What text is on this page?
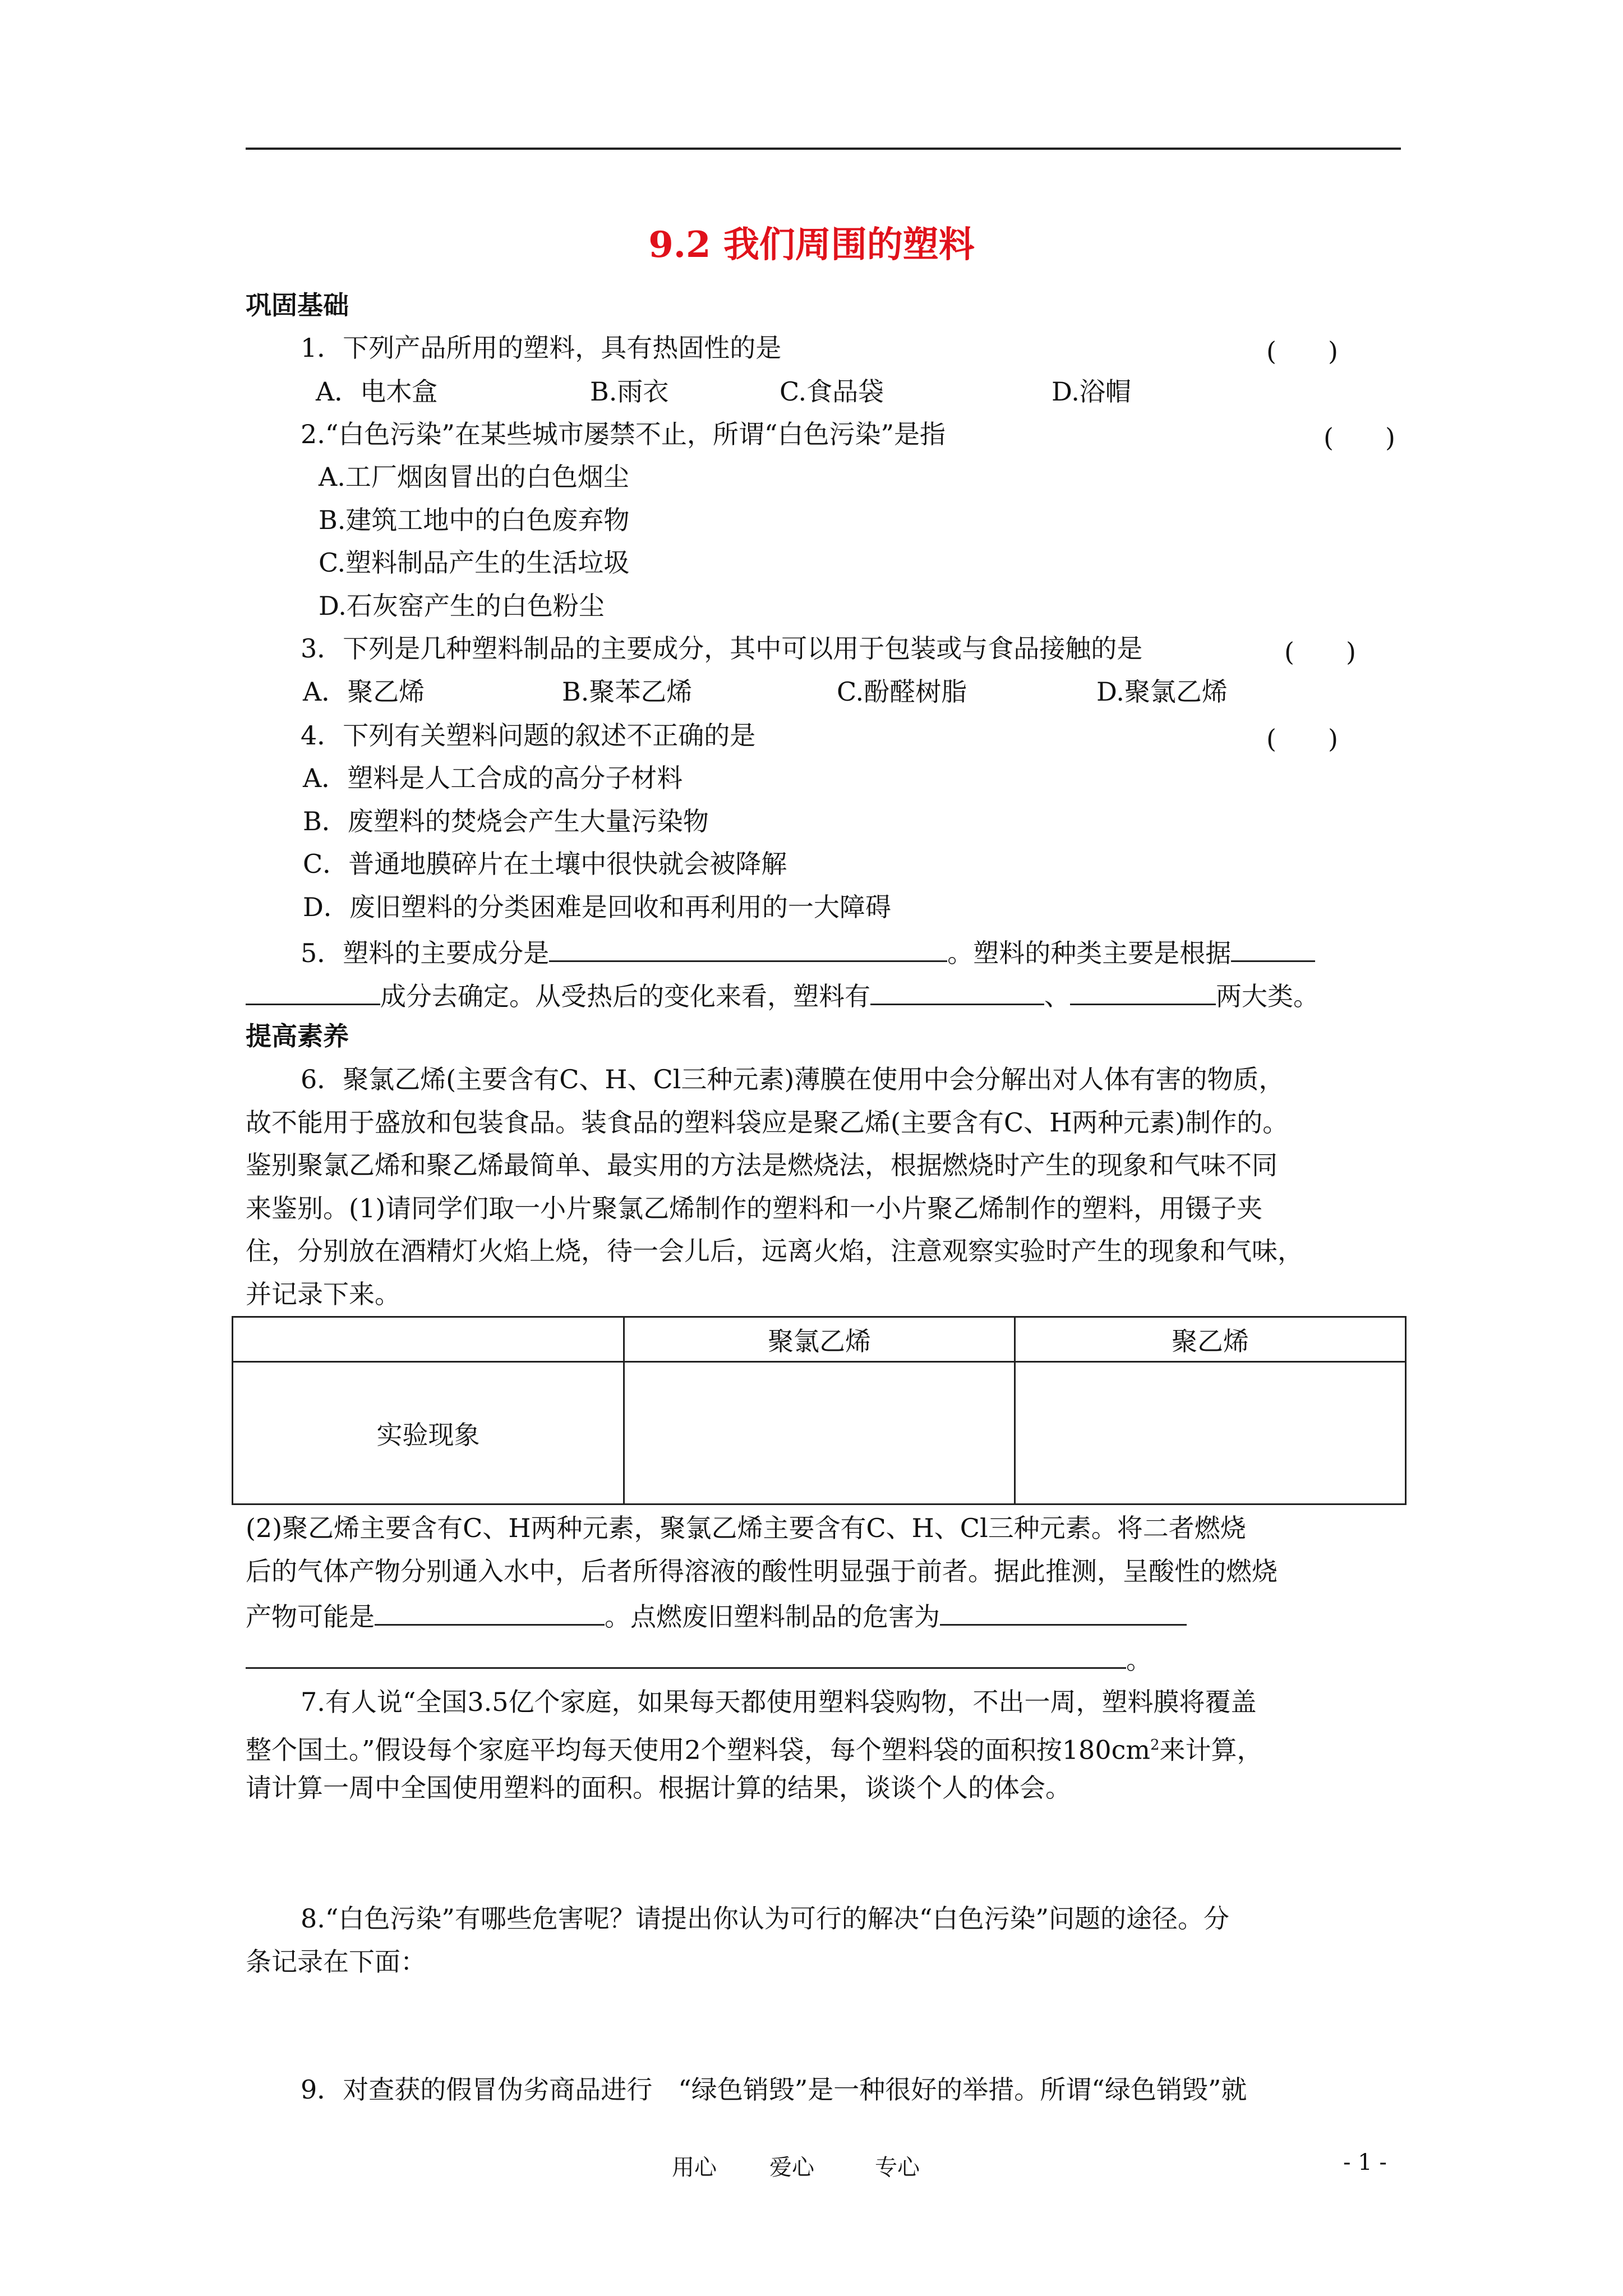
9.2 我们周围的塑料
巩固基础
1．下列产品所用的塑料，具有热固性的是	(　　)
A．电木盒	B.雨衣	C.食品袋	D.浴帽
2.“白色污染”在某些城市屡禁不止，所谓“白色污染”是指	(　　)
A.工厂烟囱冒出的白色烟尘
B.建筑工地中的白色废弃物
C.塑料制品产生的生活垃圾
D.石灰窑产生的白色粉尘
3．下列是几种塑料制品的主要成分，其中可以用于包装或与食品接触的是	(　　)
A．聚乙烯	B.聚苯乙烯	C.酚醛树脂	D.聚氯乙烯
4．下列有关塑料问题的叙述不正确的是	(　　)
A．塑料是人工合成的高分子材料
B．废塑料的焚烧会产生大量污染物
C．普通地膜碎片在土壤中很快就会被降解
D．废旧塑料的分类困难是回收和再利用的一大障碍
5．塑料的主要成分是	。塑料的种类主要是根据
成分去确定。从受热后的变化来看，塑料有	、	两大类。
提高素养
6．聚氯乙烯(主要含有C、H、Cl三种元素)薄膜在使用中会分解出对人体有害的物质，
故不能用于盛放和包装食品。装食品的塑料袋应是聚乙烯(主要含有C、H两种元素)制作的。
鉴别聚氯乙烯和聚乙烯最简单、最实用的方法是燃烧法，根据燃烧时产生的现象和气味不同
来鉴别。(1)请同学们取一小片聚氯乙烯制作的塑料和一小片聚乙烯制作的塑料，用镊子夹
住，分别放在酒精灯火焰上烧，待一会儿后，远离火焰，注意观察实验时产生的现象和气味，
并记录下来。
	聚氯乙烯	聚乙烯
实验现象		
(2)聚乙烯主要含有C、H两种元素，聚氯乙烯主要含有C、H、Cl三种元素。将二者燃烧
后的气体产物分别通入水中，后者所得溶液的酸性明显强于前者。据此推测，呈酸性的燃烧
产物可能是	。点燃废旧塑料制品的危害为
。
7.有人说“全国3.5亿个家庭，如果每天都使用塑料袋购物，不出一周，塑料膜将覆盖
整个国土。”假设每个家庭平均每天使用2个塑料袋，每个塑料袋的面积按$180cm^2$来计算，
请计算一周中全国使用塑料的面积。根据计算的结果，谈谈个人的体会。
8.“白色污染”有哪些危害呢？请提出你认为可行的解决“白色污染”问题的途径。分
条记录在下面：
9．对查获的假冒伪劣商品进行　“绿色销毁”是一种很好的举措。所谓“绿色销毁”就
用心 爱心	专心	- 1 -
